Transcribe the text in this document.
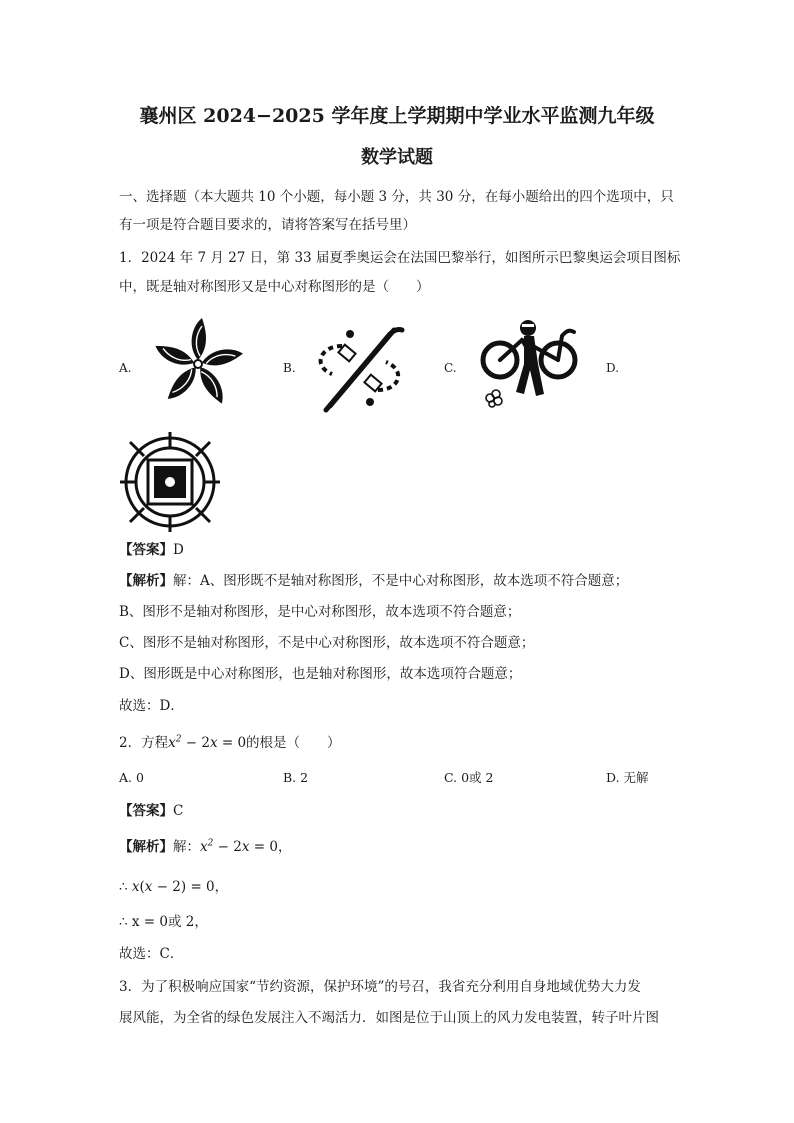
襄州区 2024−2025 学年度上学期期中学业水平监测九年级
数学试题
一、选择题（本大题共 10 个小题，每小题 3 分，共 30 分，在每小题给出的四个选项中，只
有一项是符合题目要求的，请将答案写在括号里）
1．2024 年 7 月 27 日，第 33 届夏季奥运会在法国巴黎举行，如图所示巴黎奥运会项目图标
中，既是轴对称图形又是中心对称图形的是（　　）
A.	B.	C.	D.
【答案】D
【解析】解：A、图形既不是轴对称图形，不是中心对称图形，故本选项不符合题意；
B、图形不是轴对称图形，是中心对称图形，故本选项不符合题意；
C、图形不是轴对称图形，不是中心对称图形，故本选项不符合题意；
D、图形既是中心对称图形，也是轴对称图形，故本选项符合题意；
故选：D．
2．方程$x^2 - 2x = 0$的根是（　　）
A. 0	B. 2	C. 0或 2	D. 无解
【答案】C
【解析】解：$x^2 - 2x = 0$，
∴ x(x − 2) = 0，
∴ x = 0或 2，
故选：C．
3．为了积极响应国家“节约资源，保护环境”的号召，我省充分利用自身地域优势大力发
展风能，为全省的绿色发展注入不竭活力．如图是位于山顶上的风力发电装置，转子叶片图
